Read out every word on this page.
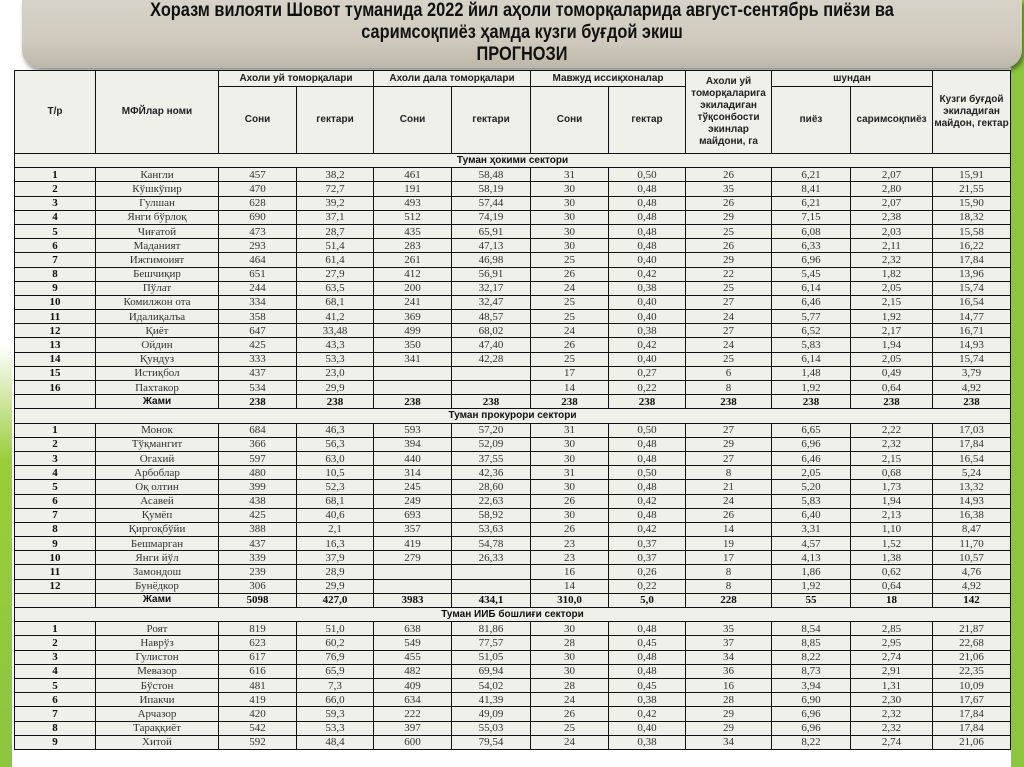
Хоразм вилояти Шовот туманида 2022 йил аҳоли томорқаларида август-сентябрь пиёзи ва
саримсоқпиёз ҳамда кузги буғдой экиш
ПРОГНОЗИ
Т/р	МФЙлар номи	Ахоли уй томорқалари		Ахоли дала томорқалари		Мавжуд иссиқхоналар		Ахоли уй томорқаларига экиладиган тўқсонбости экинлар майдони, га	шундан		Кузги буғдой экиладиган майдон, гектар
		Сони	гектари	Сони	гектари	Сони	гектар		пиёз	саримсоқпиёз	
Туман ҳокими сектори											
1	Кангли	457	38,2	461	58,48	31	0,50	26	6,21	2,07	15,91
2	Кўшкўпир	470	72,7	191	58,19	30	0,48	35	8,41	2,80	21,55
3	Гулшан	628	39,2	493	57,44	30	0,48	26	6,21	2,07	15,90
4	Янги бўрлоқ	690	37,1	512	74,19	30	0,48	29	7,15	2,38	18,32
5	Чиғатой	473	28,7	435	65,91	30	0,48	25	6,08	2,03	15,58
6	Маданият	293	51,4	283	47,13	30	0,48	26	6,33	2,11	16,22
7	Ижтимоият	464	61,4	261	46,98	25	0,40	29	6,96	2,32	17,84
8	Бешчиқир	651	27,9	412	56,91	26	0,42	22	5,45	1,82	13,96
9	Пўлат	244	63,5	200	32,17	24	0,38	25	6,14	2,05	15,74
10	Комилжон ота	334	68,1	241	32,47	25	0,40	27	6,46	2,15	16,54
11	Идалиқалъа	358	41,2	369	48,57	25	0,40	24	5,77	1,92	14,77
12	Қиёт	647	33,48	499	68,02	24	0,38	27	6,52	2,17	16,71
13	Ойдин	425	43,3	350	47,40	26	0,42	24	5,83	1,94	14,93
14	Қундуз	333	53,3	341	42,28	25	0,40	25	6,14	2,05	15,74
15	Истиқбол	437	23,0			17	0,27	6	1,48	0,49	3,79
16	Пахтакор	534	29,9			14	0,22	8	1,92	0,64	4,92
	Жами	238	238	238	238	238	238	238	238	238	238
Туман прокурори сектори											
1	Монок	684	46,3	593	57,20	31	0,50	27	6,65	2,22	17,03
2	Тўқмангит	366	56,3	394	52,09	30	0,48	29	6,96	2,32	17,84
3	Огахий	597	63,0	440	37,55	30	0,48	27	6,46	2,15	16,54
4	Арбоблар	480	10,5	314	42,36	31	0,50	8	2,05	0,68	5,24
5	Оқ олтин	399	52,3	245	28,60	30	0,48	21	5,20	1,73	13,32
6	Асавей	438	68,1	249	22,63	26	0,42	24	5,83	1,94	14,93
7	Қумёп	425	40,6	693	58,92	30	0,48	26	6,40	2,13	16,38
8	Қиргоқбўйи	388	2,1	357	53,63	26	0,42	14	3,31	1,10	8,47
9	Бешмарган	437	16,3	419	54,78	23	0,37	19	4,57	1,52	11,70
10	Янги йўл	339	37,9	279	26,33	23	0,37	17	4,13	1,38	10,57
11	Замондош	239	28,9			16	0,26	8	1,86	0,62	4,76
12	Бунёдкор	306	29,9			14	0,22	8	1,92	0,64	4,92
	Жами	5098	427,0	3983	434,1	310,0	5,0	228	55	18	142
Туман ИИБ бошлиғи сектори											
1	Роят	819	51,0	638	81,86	30	0,48	35	8,54	2,85	21,87
2	Наврўз	623	60,2	549	77,57	28	0,45	37	8,85	2,95	22,68
3	Гулистон	617	76,9	455	51,05	30	0,48	34	8,22	2,74	21,06
4	Мевазор	616	65,9	482	69,94	30	0,48	36	8,73	2,91	22,35
5	Бўстон	481	7,3	409	54,02	28	0,45	16	3,94	1,31	10,09
6	Ипакчи	419	66,0	634	41,39	24	0,38	28	6,90	2,30	17,67
7	Арчазор	420	59,3	222	49,09	26	0,42	29	6,96	2,32	17,84
8	Тараққиёт	542	53,3	397	55,03	25	0,40	29	6,96	2,32	17,84
9	Хитой	592	48,4	600	79,54	24	0,38	34	8,22	2,74	21,06
